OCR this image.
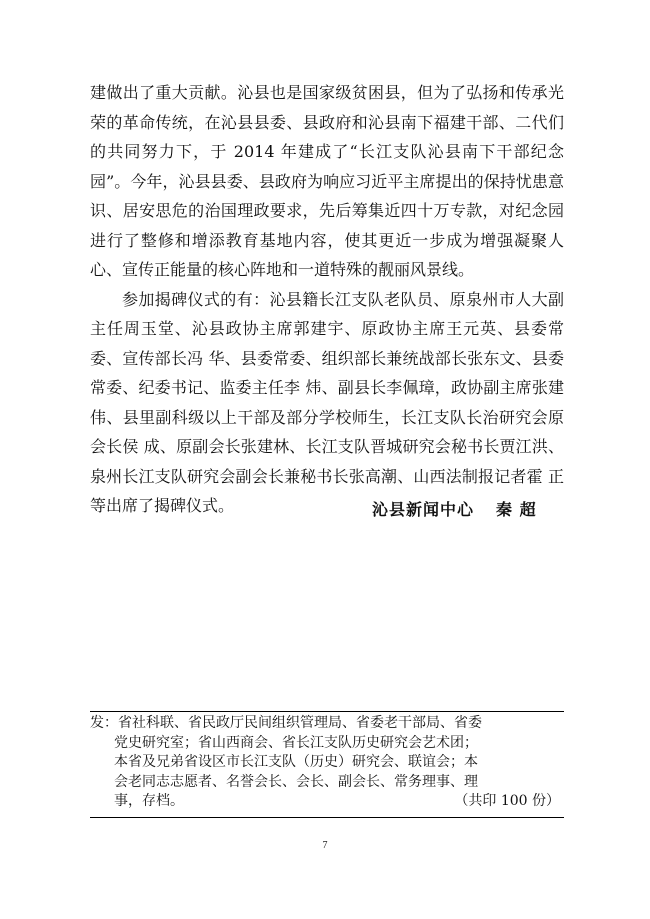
建做出了重大贡献。沁县也是国家级贫困县，但为了弘扬和传承光荣的革命传统，在沁县县委、县政府和沁县南下福建干部、二代们的共同努力下，于 2014 年建成了“长江支队沁县南下干部纪念园”。今年，沁县县委、县政府为响应习近平主席提出的保持忧患意识、居安思危的治国理政要求，先后筹集近四十万专款，对纪念园进行了整修和增添教育基地内容，使其更近一步成为增强凝聚人心、宣传正能量的核心阵地和一道特殊的靓丽风景线。

参加揭碑仪式的有：沁县籍长江支队老队员、原泉州市人大副主任周玉堂、沁县政协主席郭建宇、原政协主席王元英、县委常委、宣传部长冯 华、县委常委、组织部长兼统战部长张东文、县委常委、纪委书记、监委主任李 炜、副县长李佩璋，政协副主席张建伟、县里副科级以上干部及部分学校师生，长江支队长治研究会原会长侯 成、原副会长张建林、长江支队晋城研究会秘书长贾江洪、泉州长江支队研究会副会长兼秘书长张高潮、山西法制报记者霍 正等出席了揭碑仪式。	沁县新闻中心 秦 超
发：省社科联、省民政厅民间组织管理局、省委老干部局、省委
党史研究室；省山西商会、省长江支队历史研究会艺术团；
本省及兄弟省设区市长江支队（历史）研究会、联谊会；本
会老同志志愿者、名誉会长、会长、副会长、常务理事、理
事，存档。	（共印 100 份）
7
